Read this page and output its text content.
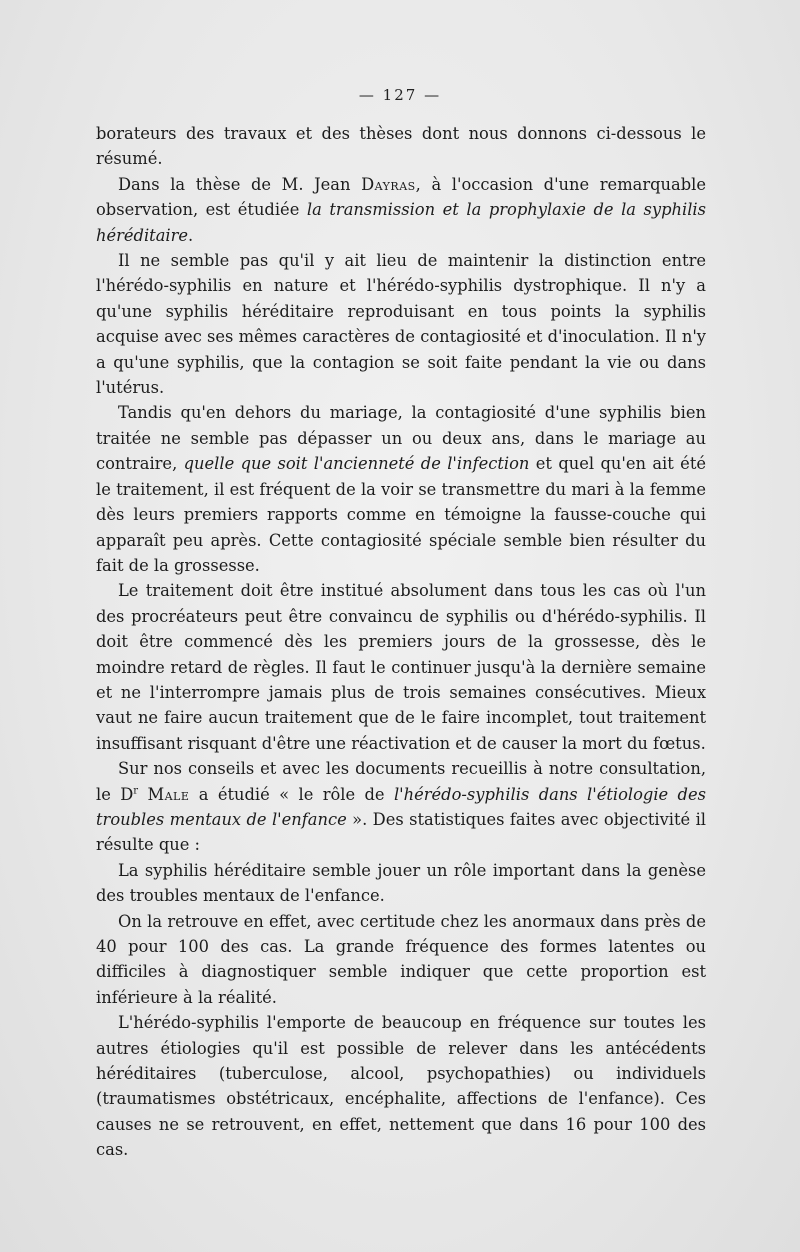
— 127 —

borateurs des travaux et des thèses dont nous donnons ci-dessous le résumé.

Dans la thèse de M. Jean Dayras, à l'occasion d'une remarquable observation, est étudiée la transmission et la prophylaxie de la syphilis héréditaire.

Il ne semble pas qu'il y ait lieu de maintenir la distinction entre l'hérédo-syphilis en nature et l'hérédo-syphilis dystrophique. Il n'y a qu'une syphilis héréditaire reproduisant en tous points la syphilis acquise avec ses mêmes caractères de contagiosité et d'inoculation. Il n'y a qu'une syphilis, que la contagion se soit faite pendant la vie ou dans l'utérus.

Tandis qu'en dehors du mariage, la contagiosité d'une syphilis bien traitée ne semble pas dépasser un ou deux ans, dans le mariage au contraire, quelle que soit l'ancienneté de l'infection et quel qu'en ait été le traitement, il est fréquent de la voir se transmettre du mari à la femme dès leurs premiers rapports comme en témoigne la fausse-couche qui apparaît peu après. Cette contagiosité spéciale semble bien résulter du fait de la grossesse.

Le traitement doit être institué absolument dans tous les cas où l'un des procréateurs peut être convaincu de syphilis ou d'hérédo-syphilis. Il doit être commencé dès les premiers jours de la grossesse, dès le moindre retard de règles. Il faut le continuer jusqu'à la dernière semaine et ne l'interrompre jamais plus de trois semaines consécutives. Mieux vaut ne faire aucun traitement que de le faire incomplet, tout traitement insuffisant risquant d'être une réactivation et de causer la mort du fœtus.

Sur nos conseils et avec les documents recueillis à notre consultation, le $D^r$ Male a étudié « le rôle de l'hérédo-syphilis dans l'étiologie des troubles mentaux de l'enfance ». Des statistiques faites avec objectivité il résulte que :

La syphilis héréditaire semble jouer un rôle important dans la genèse des troubles mentaux de l'enfance.

On la retrouve en effet, avec certitude chez les anormaux dans près de 40 pour 100 des cas. La grande fréquence des formes latentes ou difficiles à diagnostiquer semble indiquer que cette proportion est inférieure à la réalité.

L'hérédo-syphilis l'emporte de beaucoup en fréquence sur toutes les autres étiologies qu'il est possible de relever dans les antécédents héréditaires (tuberculose, alcool, psychopathies) ou individuels (traumatismes obstétricaux, encéphalite, affections de l'enfance). Ces causes ne se retrouvent, en effet, nettement que dans 16 pour 100 des cas.
